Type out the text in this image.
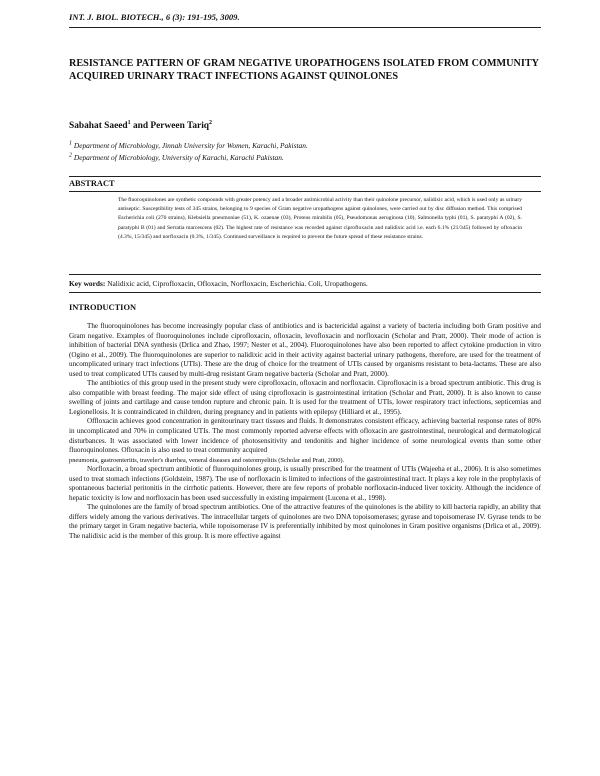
INT. J. BIOL. BIOTECH., 6 (3): 191-195, 3009.
RESISTANCE PATTERN OF GRAM NEGATIVE UROPATHOGENS ISOLATED FROM COMMUNITY ACQUIRED URINARY TRACT INFECTIONS AGAINST QUINOLONES
Sabahat Saeed$^1$ and Perween Tariq$^2$
$^1$ Department of Microbiology, Jinnah University for Women, Karachi, Pakistan.
$^2$ Department of Microbiology, University of Karachi, Karachi Pakistan.
ABSTRACT
The fluoroquinolones are synthetic compounds with greater potency and a broader antimicrobial activity than their quinolone precursor, nalidixic acid, which is used only as urinary antiseptic. Susceptibility tests of 345 strains, belonging to 9 species of Gram negative uropathogens against quinolones, were carried out by disc diffusion method. This comprised Escherichia coli (270 strains), Klebsiella pneumoniae (51), K. ozaenae (03), Proteus mirabilis (05), Pseudomonas aeruginosa (10), Salmonella typhi (01), S. paratyphi A (02), S. paratyphi B (01) and Serratia marcescens (02). The highest rate of resistance was recorded against ciprofloxacin and nalidixic acid i.e. each 6.1% (21/345) followed by ofloxacin (4.3%, 15/345) and norfloxacin (0.3%, 1/345). Continued surveillance is required to prevent the future spread of these resistance strains.
Key words: Nalidixic acid, Ciprofloxacin, Ofloxacin, Norfloxacin, Escherichia. Coli, Uropathogens.
INTRODUCTION

The fluoroquinolones has become increasingly popular class of antibiotics and is bactericidal against a variety of bacteria including both Gram positive and Gram negative. Examples of fluoroquinolones include ciprofloxacin, ofloxacin, levofloxacin and norfloxacin (Scholar and Pratt, 2000). Their mode of action is inhibition of bacterial DNA synthesis (Drlica and Zhao, 1997; Nester et al., 2004). Fluoroquinolones have also been reported to affect cytokine production in vitro (Ogino et al., 2009). The fluoroquinolones are superior to nalidixic acid in their activity against bacterial urinary pathogens, therefore, are used for the treatment of uncomplicated urinary tract infections (UTIs). These are the drug of choice for the treatment of UTIs caused by organisms resistant to beta-lactams. These are also used to treat complicated UTIs caused by multi-drug resistant Gram negative bacteria (Scholar and Pratt, 2000).

The antibiotics of this group used in the present study were ciprofloxacin, ofloxacin and norfloxacin. Ciprofloxacin is a broad spectrum antibiotic. This drug is also compatible with breast feeding. The major side effect of using ciprofloxacin is gastrointestinal irritation (Scholar and Pratt, 2000). It is also known to cause swelling of joints and cartilage and cause tendon rupture and chronic pain. It is used for the treatment of UTIs, lower respiratory tract infections, septicemias and Legionellosis. It is contraindicated in children, during pregnancy and in patients with epilepsy (Hilliard et al., 1995).

Offloxacin achieves good concentration in genitourinary tract tissues and fluids. It demonstrates consistent efficacy, achieving bacterial response rates of 80% in uncomplicated and 70% in complicated UTIs. The most commonly reported adverse effects with ofloxacin are gastrointestinal, neurological and dermatological disturbances. It was associated with lower incidence of photosensitivity and tendonitis and higher incidence of some neurological events than some other fluoroquinolones. Ofloxacin is also used to treat community acquired

pneumonia, gastroenteritis, traveler's diarrhea, veneral diseases and osteomyelitis (Scholar and Pratt, 2000).

Norfloxacin, a broad spectrum antibiotic of fluoroquinolones group, is usually prescribed for the treatment of UTIs (Wajeeha et al., 2006). It is also sometimes used to treat stomach infections (Goldstein, 1987). The use of norfloxacin is limited to infections of the gastrointestinal tract. It plays a key role in the prophylaxis of spontaneous bacterial peritonitis in the cirrhotic patients. However, there are few reports of probable norfloxacin-induced liver toxicity. Although the incidence of hepatic toxicity is low and norfloxacin has been used successfully in existing impairment (Lucena et al., 1998).

The quinolones are the family of broad spectrum antibiotics. One of the attractive features of the quinolones is the ability to kill bacteria rapidly, an ability that differs widely among the various derivatives. The intracellular targets of quinolones are two DNA topoisomerases; gyrase and topoisomerase IV. Gyrase tends to be the primary target in Gram negative bacteria, while topoisomerase IV is preferentially inhibited by most quinolones in Gram positive organisms (Drlica et al., 2009). The nalidixic acid is the member of this group. It is more effective against
